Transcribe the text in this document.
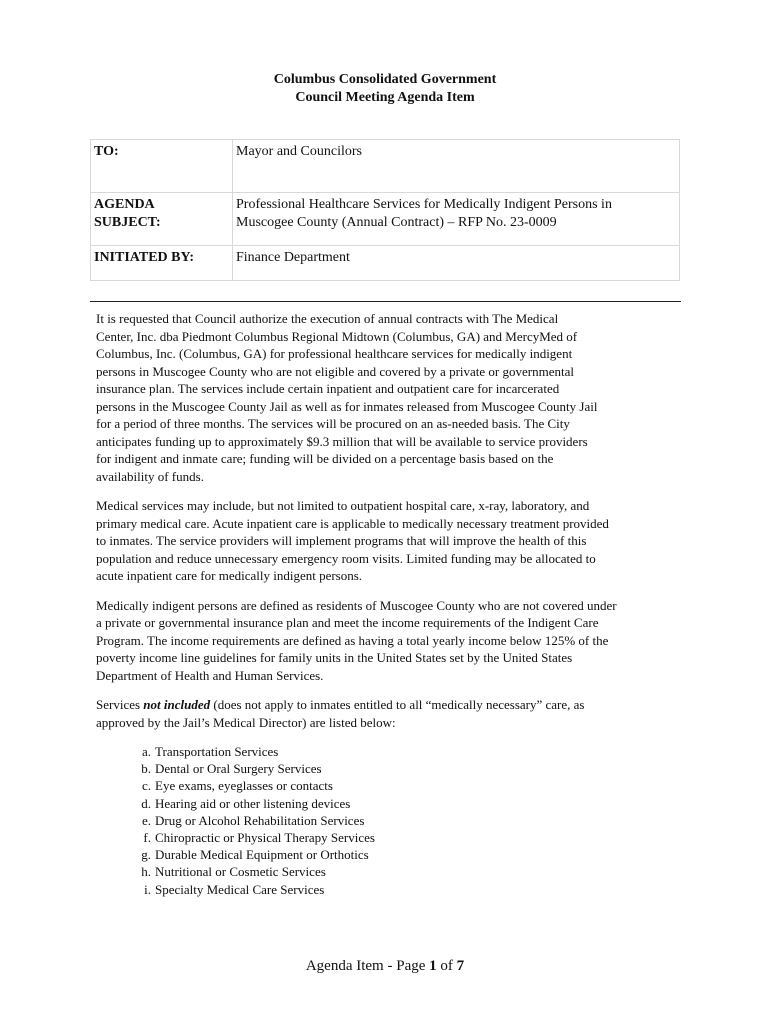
Columbus Consolidated Government
Council Meeting Agenda Item
TO:	Mayor and Councilors

AGENDA
SUBJECT:	Professional Healthcare Services for Medically Indigent Persons in
Muscogee County (Annual Contract) – RFP No. 23-0009

INITIATED BY:	Finance Department

It is requested that Council authorize the execution of annual contracts with The Medical
Center, Inc. dba Piedmont Columbus Regional Midtown (Columbus, GA) and MercyMed of
Columbus, Inc. (Columbus, GA) for professional healthcare services for medically indigent
persons in Muscogee County who are not eligible and covered by a private or governmental
insurance plan. The services include certain inpatient and outpatient care for incarcerated
persons in the Muscogee County Jail as well as for inmates released from Muscogee County Jail
for a period of three months. The services will be procured on an as-needed basis. The City
anticipates funding up to approximately $9.3 million that will be available to service providers
for indigent and inmate care; funding will be divided on a percentage basis based on the
availability of funds.

Medical services may include, but not limited to outpatient hospital care, x-ray, laboratory, and
primary medical care. Acute inpatient care is applicable to medically necessary treatment provided
to inmates. The service providers will implement programs that will improve the health of this
population and reduce unnecessary emergency room visits. Limited funding may be allocated to
acute inpatient care for medically indigent persons.

Medically indigent persons are defined as residents of Muscogee County who are not covered under
a private or governmental insurance plan and meet the income requirements of the Indigent Care
Program. The income requirements are defined as having a total yearly income below 125% of the
poverty income line guidelines for family units in the United States set by the United States
Department of Health and Human Services.

Services not included (does not apply to inmates entitled to all “medically necessary” care, as
approved by the Jail’s Medical Director) are listed below:

a. Transportation Services
b. Dental or Oral Surgery Services
c. Eye exams, eyeglasses or contacts
d. Hearing aid or other listening devices
e. Drug or Alcohol Rehabilitation Services
f. Chiropractic or Physical Therapy Services
g. Durable Medical Equipment or Orthotics
h. Nutritional or Cosmetic Services
i. Specialty Medical Care Services
Agenda Item - Page 1 of 7
